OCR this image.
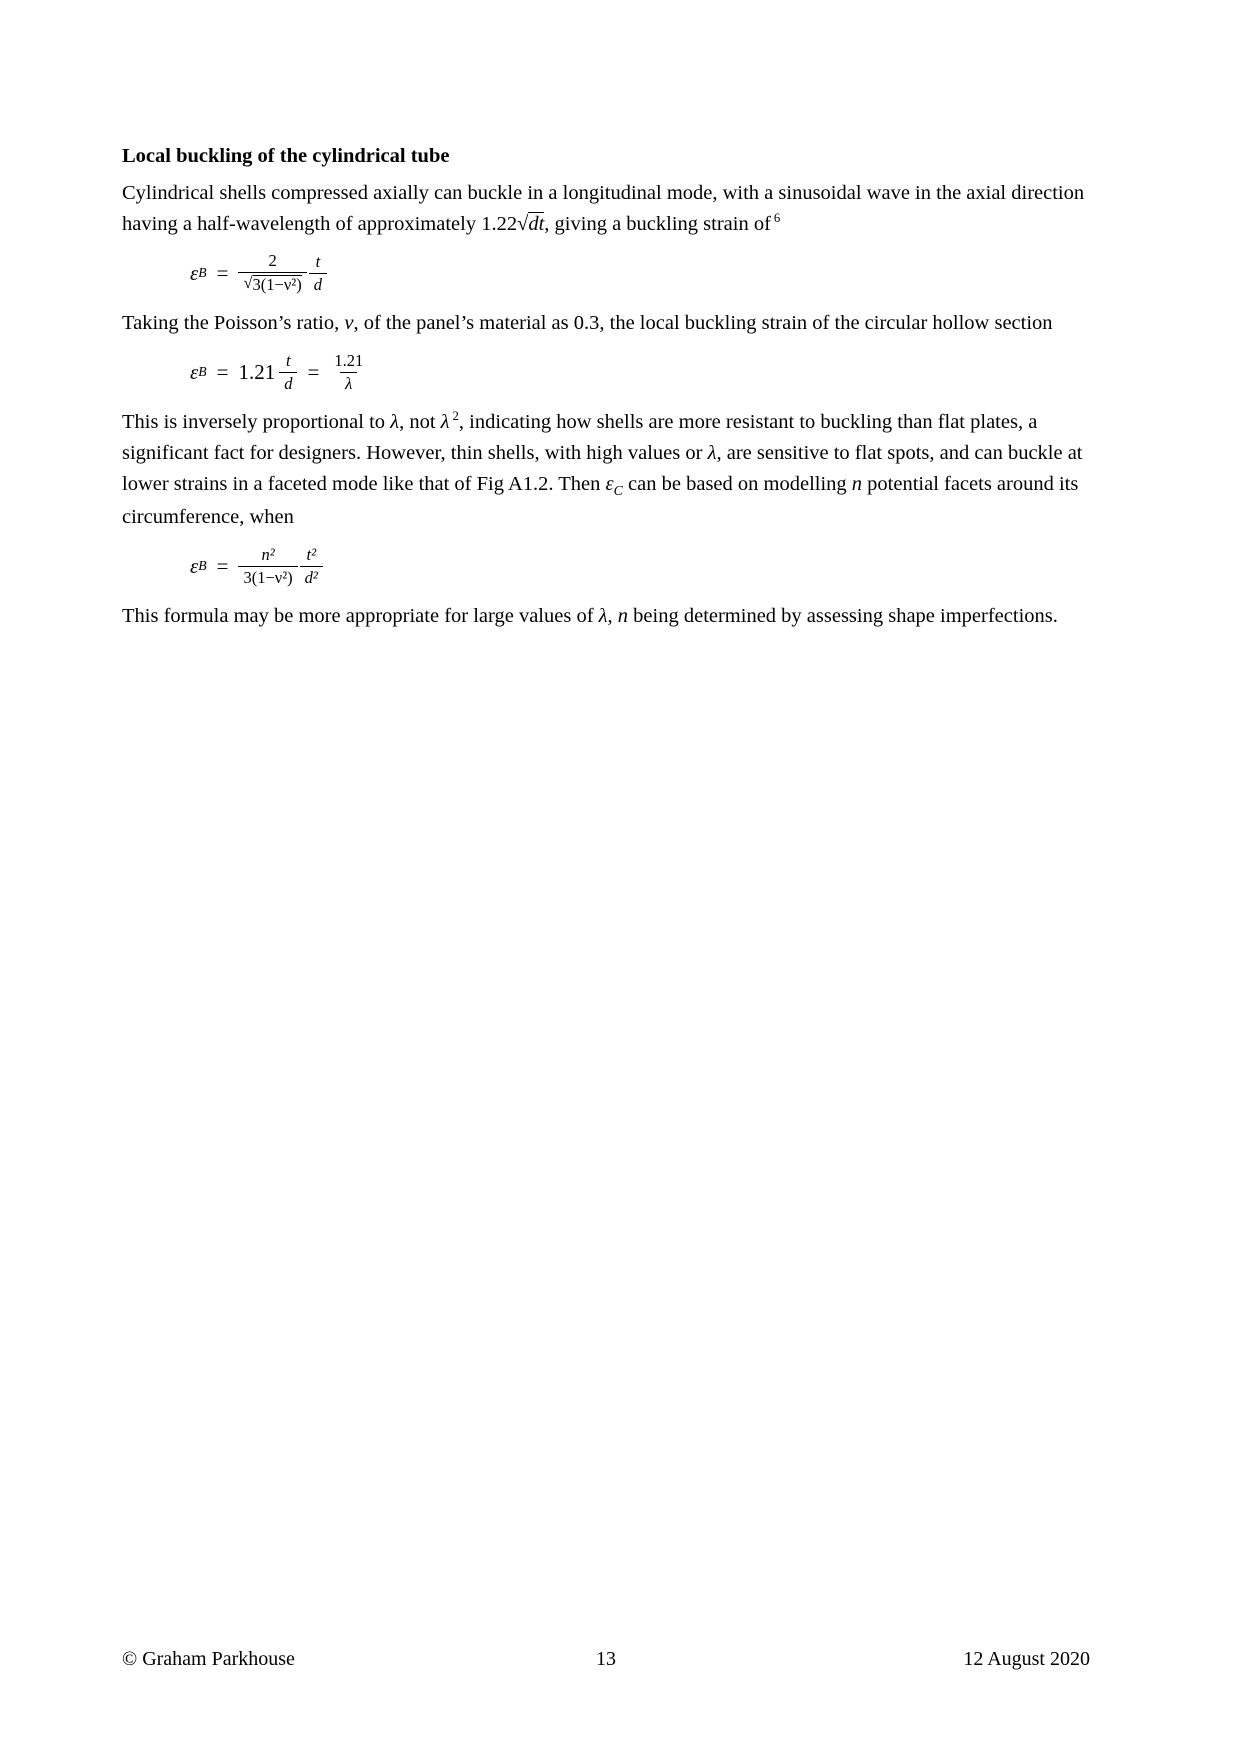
Local buckling of the cylindrical tube

Cylindrical shells compressed axially can buckle in a longitudinal mode, with a sinusoidal wave in the axial direction having a half-wavelength of approximately 1.22√dt, giving a buckling strain of $^6$

ε $B = \frac{2}{\text{√ 3(1−ν²)}} \frac{t}{d}$

Taking the Poisson’s ratio, ν, of the panel’s material as 0.3, the local buckling strain of the circular hollow section

ε $B = 1.21 \frac{t}{d} = \frac{1.21}{\lambda}$

This is inversely proportional to λ, not λ $^2$, indicating how shells are more resistant to buckling than flat plates, a significant fact for designers. However, thin shells, with high values or λ, are sensitive to flat spots, and can buckle at lower strains in a faceted mode like that of Fig A1.2. Then $\varepsilon_C$ can be based on modelling n potential facets around its circumference, when

ε $B = \frac{\text{n²}}{\text{3(1−ν²)}} \frac{\text{t²}}{\text{d²}}$

This formula may be more appropriate for large values of λ, n being determined by assessing shape imperfections.

© Graham Parkhouse	13	12 August 2020
